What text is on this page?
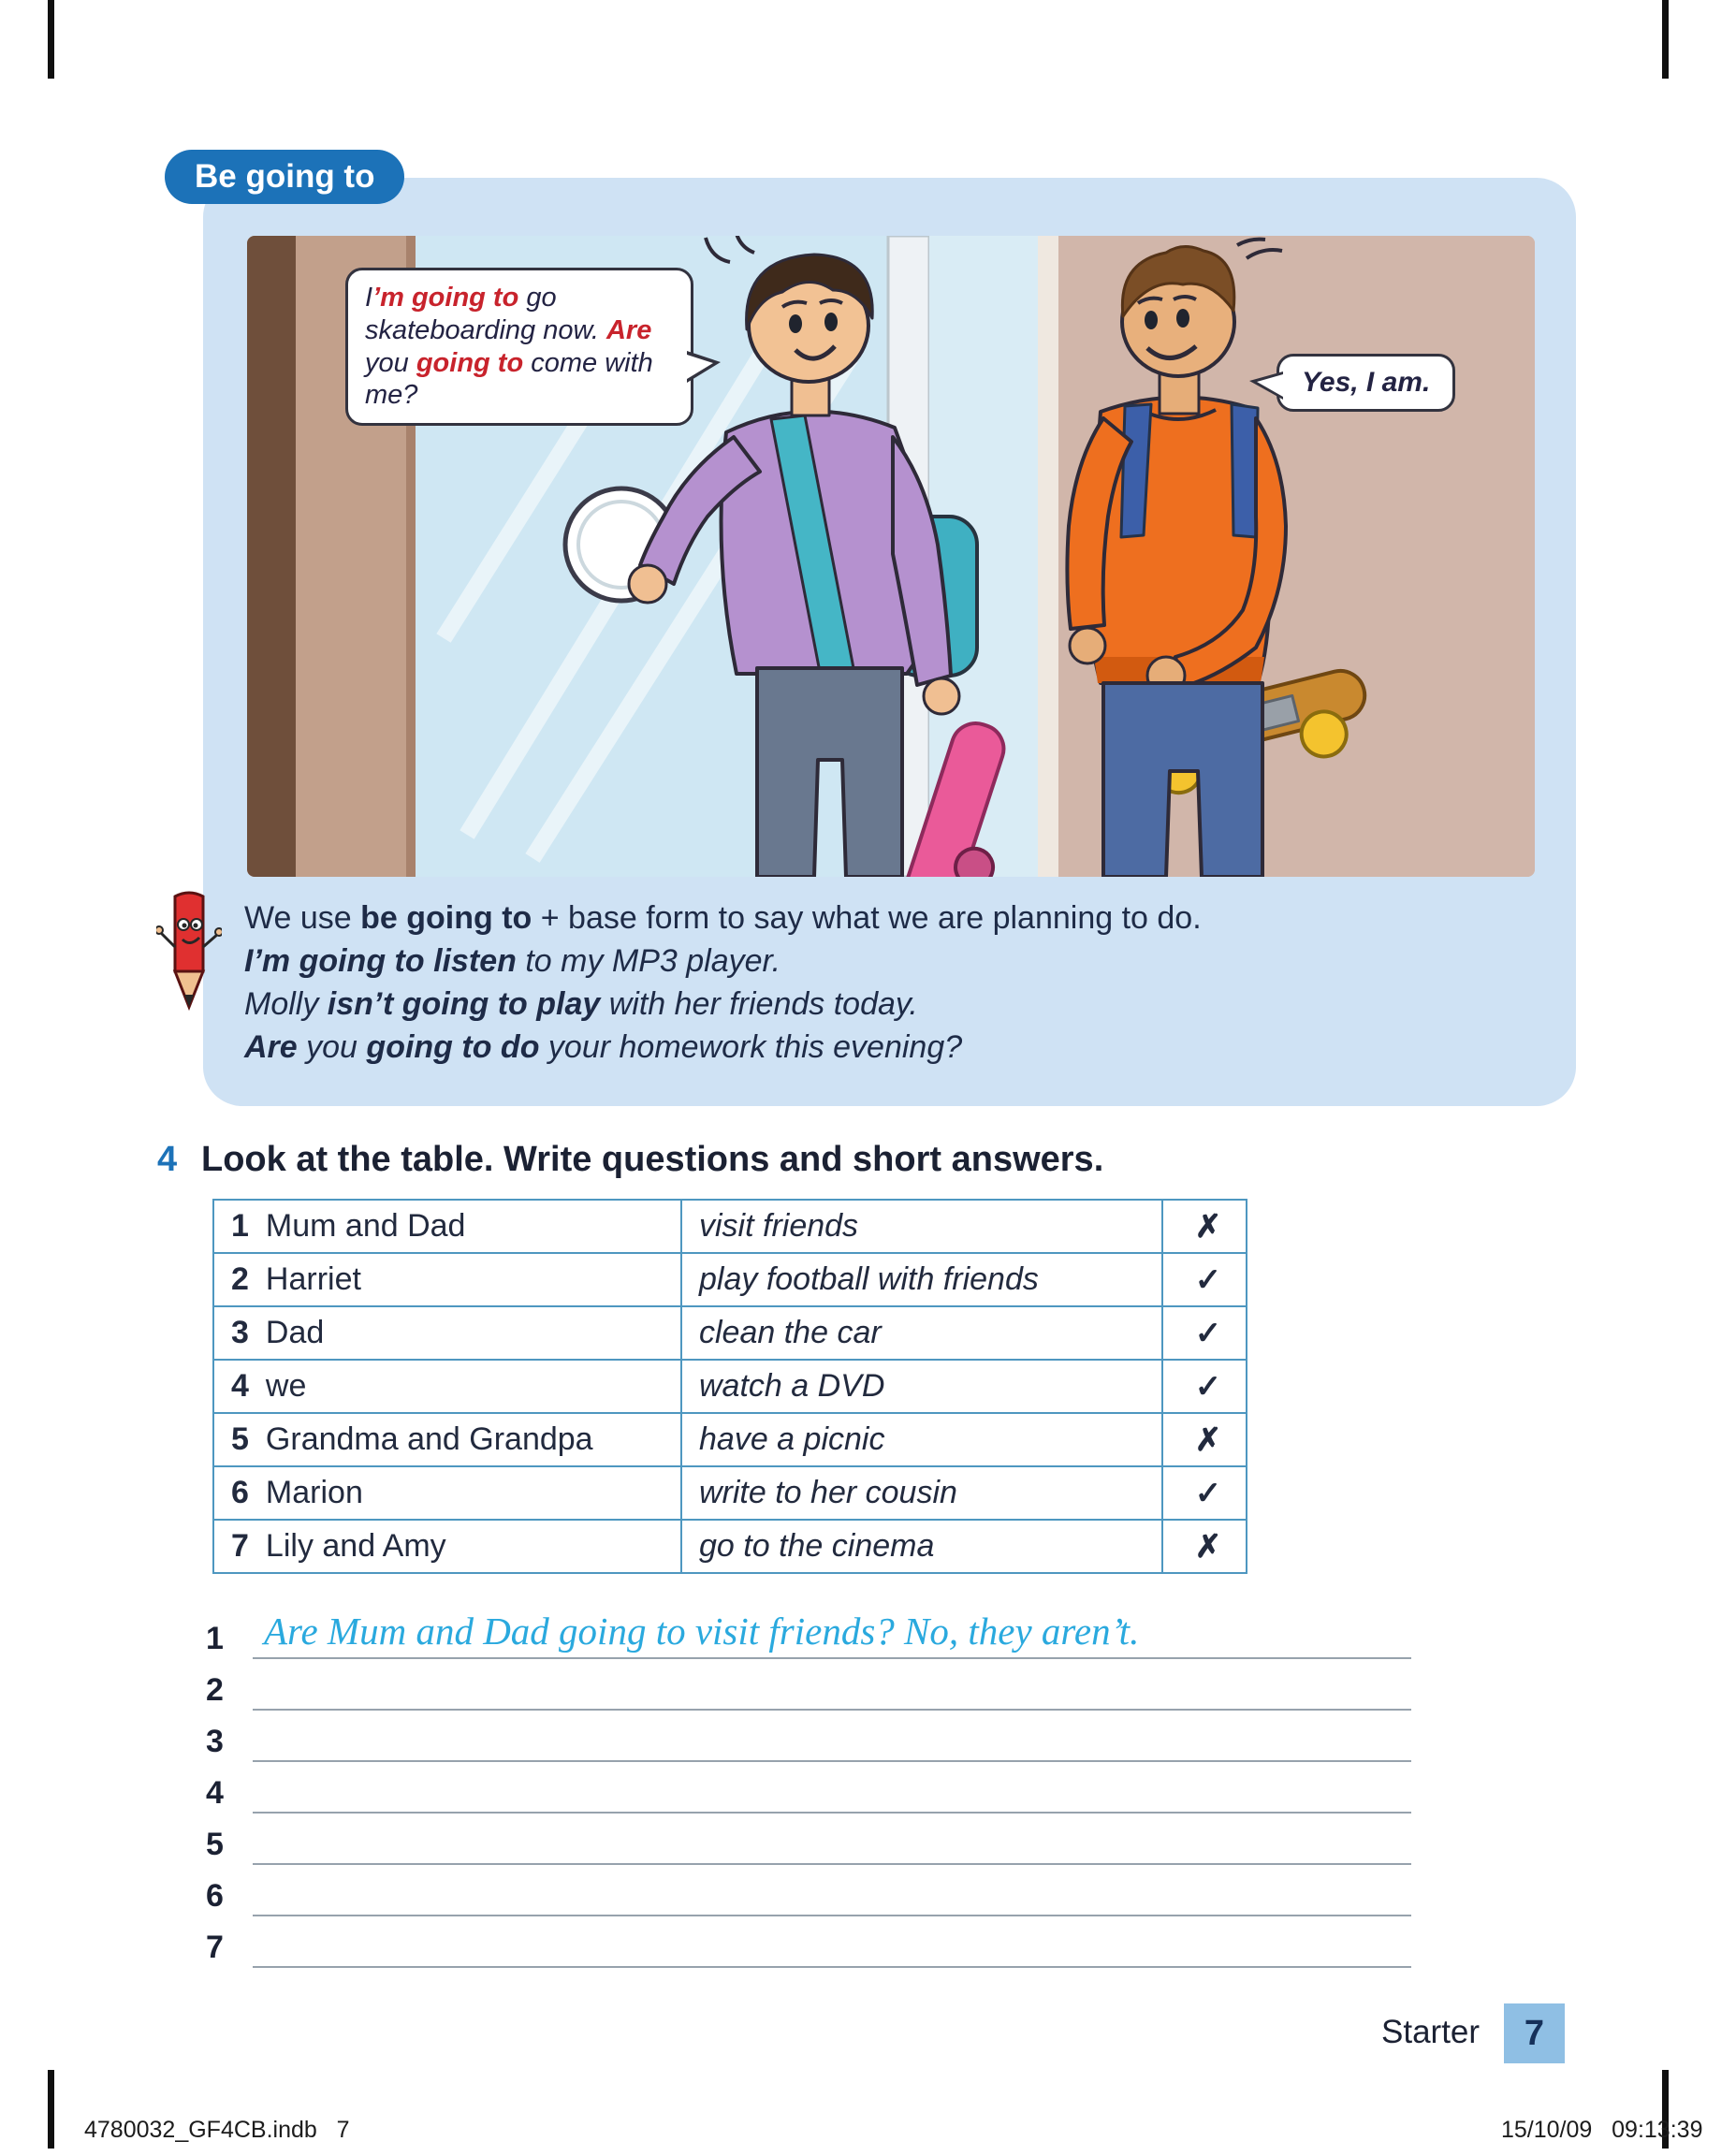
Be going to
I’m going to go skateboarding now. Are you going to come with me?	Yes, I am.
We use be going to + base form to say what we are planning to do.
I’m going to listen to my MP3 player.
Molly isn’t going to play with her friends today.
Are you going to do your homework this evening?
4 Look at the table. Write questions and short answers.
1 Mum and Dad	visit friends	✗
2 Harriet	play football with friends	✓
3 Dad	clean the car	✓
4 we	watch a DVD	✓
5 Grandma and Grandpa	have a picnic	✗
6 Marion	write to her cousin	✓
7 Lily and Amy	go to the cinema	✗
1	Are Mum and Dad going to visit friends? No, they aren’t.
2
3
4
5
6
7
Starter	7
4780032_GF4CB.indb   7	15/10/09   09:13:39
